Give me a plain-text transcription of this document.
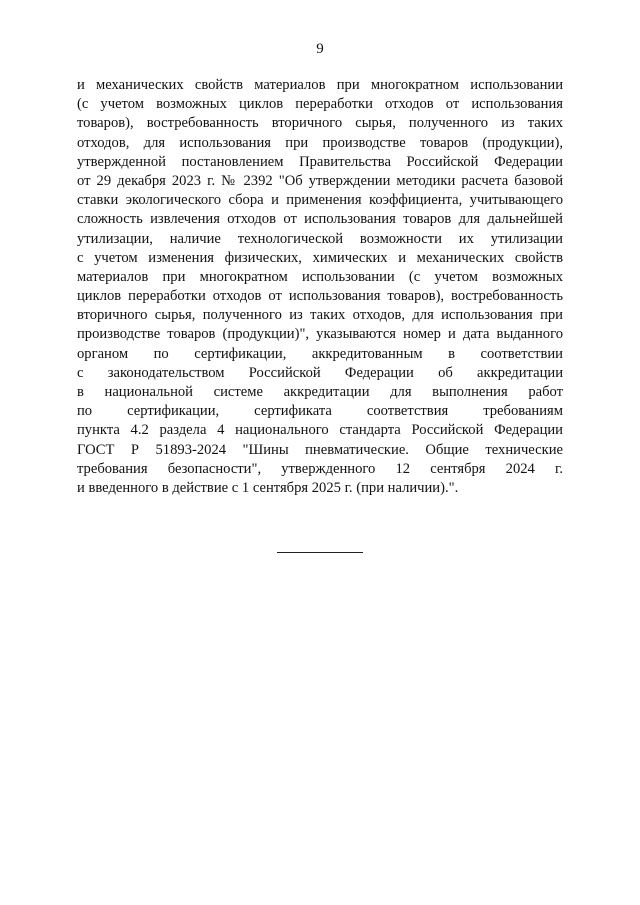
9
и механических свойств материалов при многократном использовании
(с учетом возможных циклов переработки отходов от использования
товаров), востребованность вторичного сырья, полученного из таких
отходов, для использования при производстве товаров (продукции),
утвержденной постановлением Правительства Российской Федерации
от 29 декабря 2023 г. № 2392 "Об утверждении методики расчета базовой
ставки экологического сбора и применения коэффициента, учитывающего
сложность извлечения отходов от использования товаров для дальнейшей
утилизации, наличие технологической возможности их утилизации
с учетом изменения физических, химических и механических свойств
материалов при многократном использовании (с учетом возможных
циклов переработки отходов от использования товаров), востребованность
вторичного сырья, полученного из таких отходов, для использования при
производстве товаров (продукции)", указываются номер и дата выданного
органом по сертификации, аккредитованным в соответствии
с законодательством Российской Федерации об аккредитации
в национальной системе аккредитации для выполнения работ
по сертификации, сертификата соответствия требованиям
пункта 4.2 раздела 4 национального стандарта Российской Федерации
ГОСТ Р 51893-2024 "Шины пневматические. Общие технические
требования безопасности", утвержденного 12 сентября 2024 г.
и введенного в действие с 1 сентября 2025 г. (при наличии).".
